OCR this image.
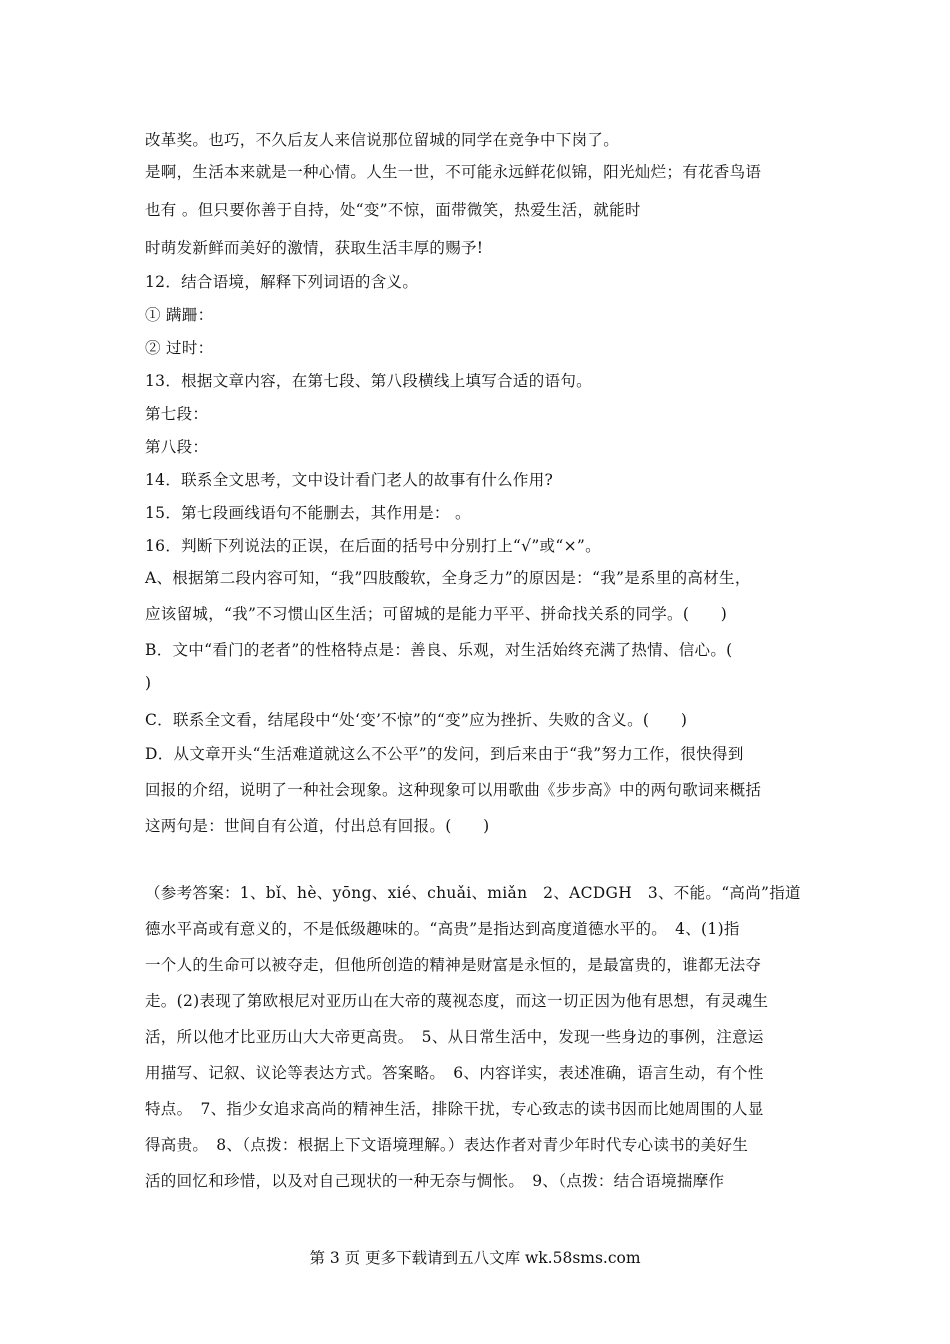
改革奖。也巧，不久后友人来信说那位留城的同学在竞争中下岗了。
是啊，生活本来就是一种心情。人生一世，不可能永远鲜花似锦，阳光灿烂；有花香鸟语
也有 。但只要你善于自持，处“变”不惊，面带微笑，热爱生活，就能时
时萌发新鲜而美好的激情，获取生活丰厚的赐予!
12．结合语境，解释下列词语的含义。
① 蹒跚：
② 过时：
13．根据文章内容，在第七段、第八段横线上填写合适的语句。
第七段：
第八段：
14．联系全文思考，文中设计看门老人的故事有什么作用?
15．第七段画线语句不能删去，其作用是： 。
16．判断下列说法的正误，在后面的括号中分别打上“√”或“×”。
A、根据第二段内容可知，“我”四肢酸软，全身乏力”的原因是：“我”是系里的高材生，
应该留城，“我”不习惯山区生活；可留城的是能力平平、拼命找关系的同学。(　　)
B．文中“看门的老者”的性格特点是：善良、乐观，对生活始终充满了热情、信心。(
)
C．联系全文看，结尾段中“处‘变’不惊”的“变”应为挫折、失败的含义。(　　)
D．从文章开头“生活难道就这么不公平”的发问，到后来由于“我”努力工作，很快得到
回报的介绍，说明了一种社会现象。这种现象可以用歌曲《步步高》中的两句歌词来概括
这两句是：世间自有公道，付出总有回报。(　　)
（参考答案：1、bǐ、hè、yōng、xié、chuǎi、miǎn　2、ACDGH　3、不能。“高尚”指道
德水平高或有意义的，不是低级趣味的。“高贵”是指达到高度道德水平的。　4、(1)指
一个人的生命可以被夺走，但他所创造的精神是财富是永恒的，是最富贵的，谁都无法夺
走。(2)表现了第欧根尼对亚历山在大帝的蔑视态度，而这一切正因为他有思想，有灵魂生
活，所以他才比亚历山大大帝更高贵。　5、从日常生活中，发现一些身边的事例，注意运
用描写、记叙、议论等表达方式。答案略。　6、内容详实，表述准确，语言生动，有个性
特点。　7、指少女追求高尚的精神生活，排除干扰，专心致志的读书因而比她周围的人显
得高贵。　8、（点拨：根据上下文语境理解。）表达作者对青少年时代专心读书的美好生
活的回忆和珍惜，以及对自己现状的一种无奈与惆怅。　9、（点拨：结合语境揣摩作
第 3 页 更多下载请到五八文库 wk.58sms.com
